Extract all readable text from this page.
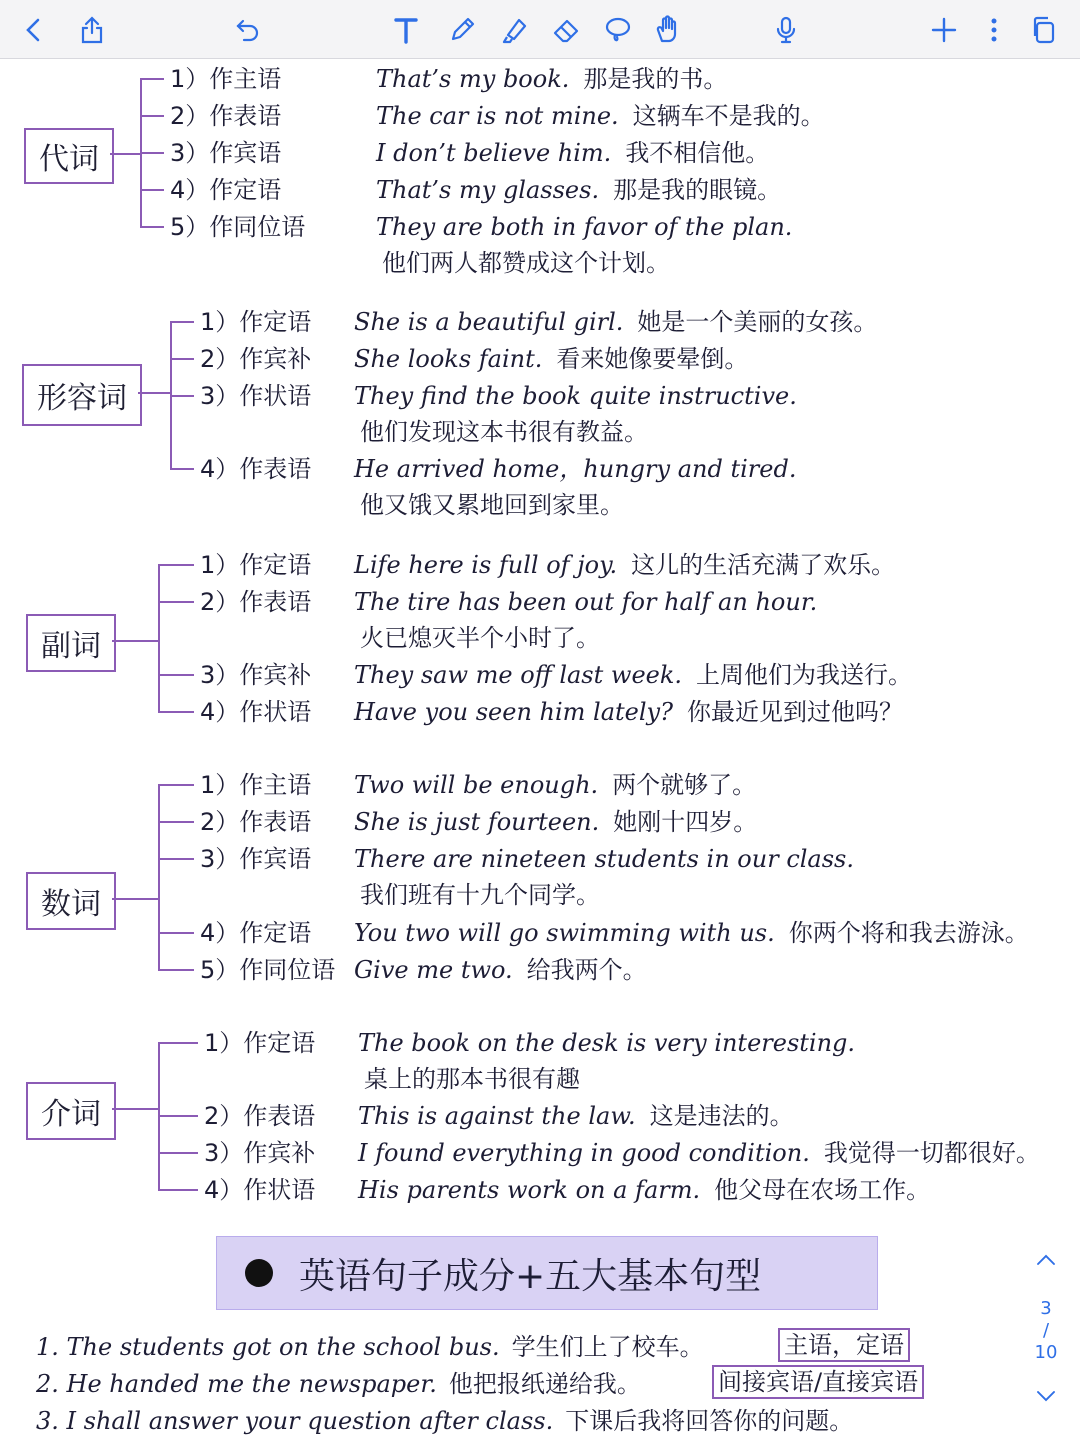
英语句子成分+五大基本句型
3
/
10
代词
1）作主语	That’s my book. 那是我的书。
2）作表语	The car is not mine. 这辆车不是我的。
3）作宾语	I don’t believe him. 我不相信他。
4）作定语	That’s my glasses. 那是我的眼镜。
5）作同位语	They are both in favor of the plan.
他们两人都赞成这个计划。
形容词
1）作定语 She is a beautiful girl. 她是一个美丽的女孩。
2）作宾补 She looks faint. 看来她像要晕倒。
3）作状语 They find the book quite instructive.
他们发现这本书很有教益。
4）作表语 He arrived home，hungry and tired.
他又饿又累地回到家里。
副词
1）作定语 Life here is full of joy. 这儿的生活充满了欢乐。
2）作表语 The tire has been out for half an hour.
火已熄灭半个小时了。
3）作宾补 They saw me off last week. 上周他们为我送行。
4）作状语 Have you seen him lately? 你最近见到过他吗？
数词
1）作主语 Two will be enough. 两个就够了。
2）作表语 She is just fourteen. 她刚十四岁。
3）作宾语 There are nineteen students in our class.
我们班有十九个同学。
4）作定语 You two will go swimming with us. 你两个将和我去游泳。
5）作同位语 Give me two. 给我两个。
介词
1）作定语 The book on the desk is very interesting.
桌上的那本书很有趣
2）作表语 This is against the law. 这是违法的。
3）作宾补 I found everything in good condition. 我觉得一切都很好。
4）作状语 His parents work on a farm. 他父母在农场工作。
1. The students got on the school bus. 学生们上了校车。	主语，定语
2. He handed me the newspaper. 他把报纸递给我。	间接宾语/直接宾语
3. I shall answer your question after class. 下课后我将回答你的问题。
